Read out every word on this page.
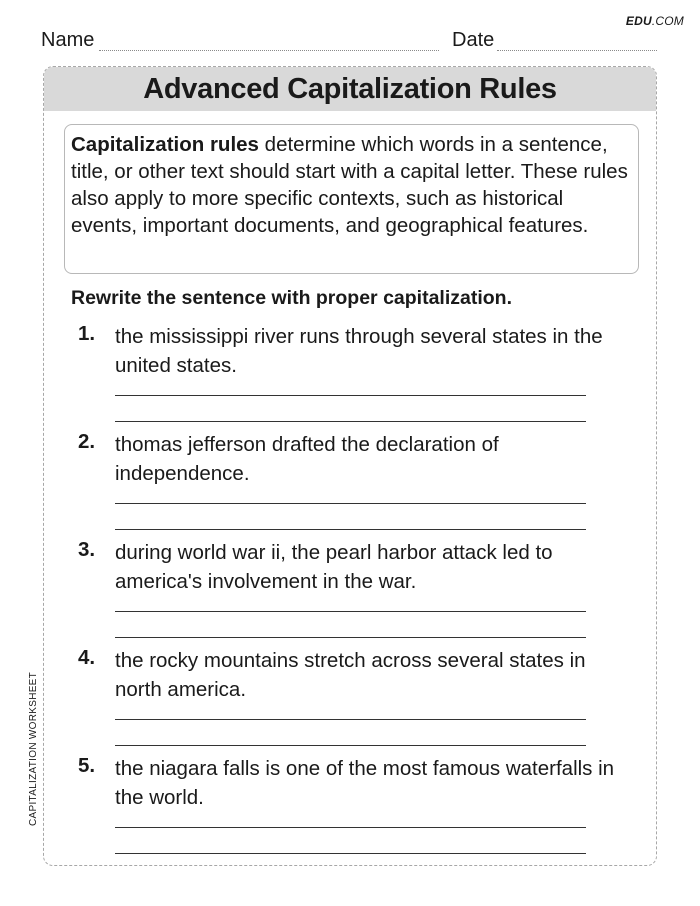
EDU.COM
Name	Date
CAPITALIZATION WORKSHEET
Advanced Capitalization Rules
Capitalization rules determine which words in a sentence, title, or other text should start with a capital letter. These rules also apply to more specific contexts, such as historical events, important documents, and geographical features.
Rewrite the sentence with proper capitalization.
1. the mississippi river runs through several states in the united states.
2. thomas jefferson drafted the declaration of independence.
3. during world war ii, the pearl harbor attack led to america's involvement in the war.
4. the rocky mountains stretch across several states in north america.
5. the niagara falls is one of the most famous waterfalls in the world.
